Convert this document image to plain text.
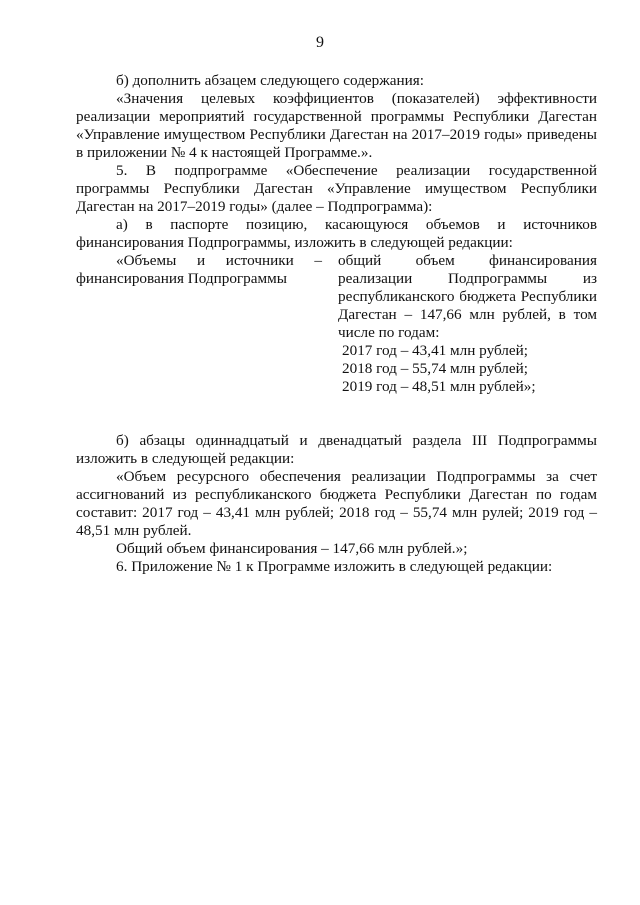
9
б) дополнить абзацем следующего содержания:
«Значения целевых коэффициентов (показателей) эффективности
реализации мероприятий государственной программы Республики Дагестан
«Управление имуществом Республики Дагестан на 2017–2019 годы» приведены
в приложении № 4 к настоящей Программе.».
5. В подпрограмме «Обеспечение реализации государственной
программы Республики Дагестан «Управление имуществом Республики
Дагестан на 2017–2019 годы» (далее – Подпрограмма):
а) в паспорте позицию, касающуюся объемов и источников
финансирования Подпрограммы, изложить в следующей редакции:
«Объемы и источники –
финансирования Подпрограммы
общий объем финансирования
реализации Подпрограммы из
республиканского бюджета Республики
Дагестан – 147,66 млн рублей, в том
числе по годам:
2017 год – 43,41 млн рублей;
2018 год – 55,74 млн рублей;
2019 год – 48,51 млн рублей»;
б) абзацы одиннадцатый и двенадцатый раздела III Подпрограммы
изложить в следующей редакции:
«Объем ресурсного обеспечения реализации Подпрограммы за счет
ассигнований из республиканского бюджета Республики Дагестан по годам
составит: 2017 год – 43,41 млн рублей; 2018 год – 55,74 млн рулей; 2019 год –
48,51 млн рублей.
Общий объем финансирования – 147,66 млн рублей.»;
6. Приложение № 1 к Программе изложить в следующей редакции:
